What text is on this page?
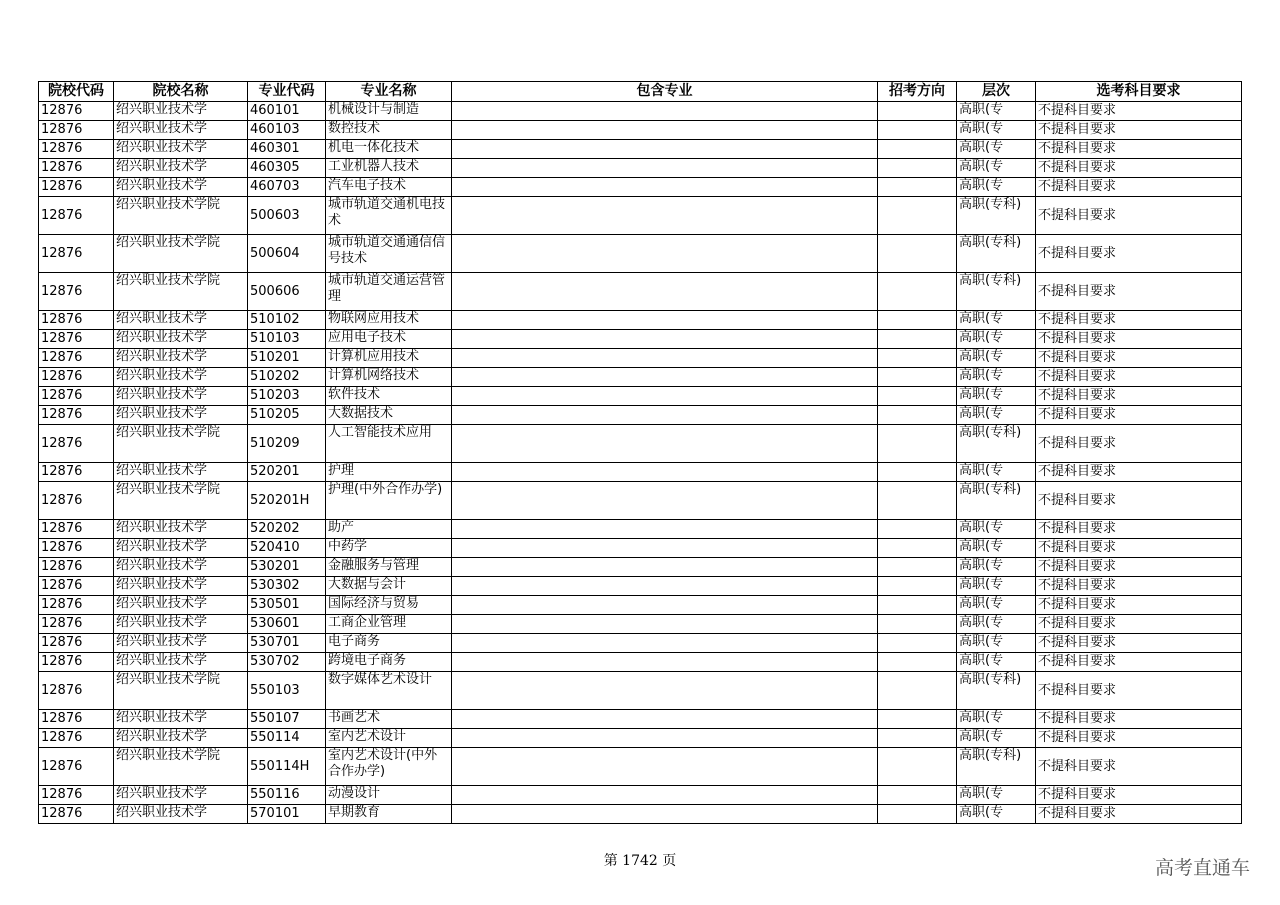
院校代码	院校名称	专业代码	专业名称	包含专业	招考方向	层次	选考科目要求
12876	绍兴职业技术学	460101	机械设计与制造			高职(专	不提科目要求
12876	绍兴职业技术学	460103	数控技术			高职(专	不提科目要求
12876	绍兴职业技术学	460301	机电一体化技术			高职(专	不提科目要求
12876	绍兴职业技术学	460305	工业机器人技术			高职(专	不提科目要求
12876	绍兴职业技术学	460703	汽车电子技术			高职(专	不提科目要求
12876	绍兴职业技术学院	500603	城市轨道交通机电技术			高职(专科)	不提科目要求
12876	绍兴职业技术学院	500604	城市轨道交通通信信号技术			高职(专科)	不提科目要求
12876	绍兴职业技术学院	500606	城市轨道交通运营管理			高职(专科)	不提科目要求
12876	绍兴职业技术学	510102	物联网应用技术			高职(专	不提科目要求
12876	绍兴职业技术学	510103	应用电子技术			高职(专	不提科目要求
12876	绍兴职业技术学	510201	计算机应用技术			高职(专	不提科目要求
12876	绍兴职业技术学	510202	计算机网络技术			高职(专	不提科目要求
12876	绍兴职业技术学	510203	软件技术			高职(专	不提科目要求
12876	绍兴职业技术学	510205	大数据技术			高职(专	不提科目要求
12876	绍兴职业技术学院	510209	人工智能技术应用			高职(专科)	不提科目要求
12876	绍兴职业技术学	520201	护理			高职(专	不提科目要求
12876	绍兴职业技术学院	520201H	护理(中外合作办学)			高职(专科)	不提科目要求
12876	绍兴职业技术学	520202	助产			高职(专	不提科目要求
12876	绍兴职业技术学	520410	中药学			高职(专	不提科目要求
12876	绍兴职业技术学	530201	金融服务与管理			高职(专	不提科目要求
12876	绍兴职业技术学	530302	大数据与会计			高职(专	不提科目要求
12876	绍兴职业技术学	530501	国际经济与贸易			高职(专	不提科目要求
12876	绍兴职业技术学	530601	工商企业管理			高职(专	不提科目要求
12876	绍兴职业技术学	530701	电子商务			高职(专	不提科目要求
12876	绍兴职业技术学	530702	跨境电子商务			高职(专	不提科目要求
12876	绍兴职业技术学院	550103	数字媒体艺术设计			高职(专科)	不提科目要求
12876	绍兴职业技术学	550107	书画艺术			高职(专	不提科目要求
12876	绍兴职业技术学	550114	室内艺术设计			高职(专	不提科目要求
12876	绍兴职业技术学院	550114H	室内艺术设计(中外合作办学)			高职(专科)	不提科目要求
12876	绍兴职业技术学	550116	动漫设计			高职(专	不提科目要求
12876	绍兴职业技术学	570101	早期教育			高职(专	不提科目要求
第 1742 页	高考直通车
